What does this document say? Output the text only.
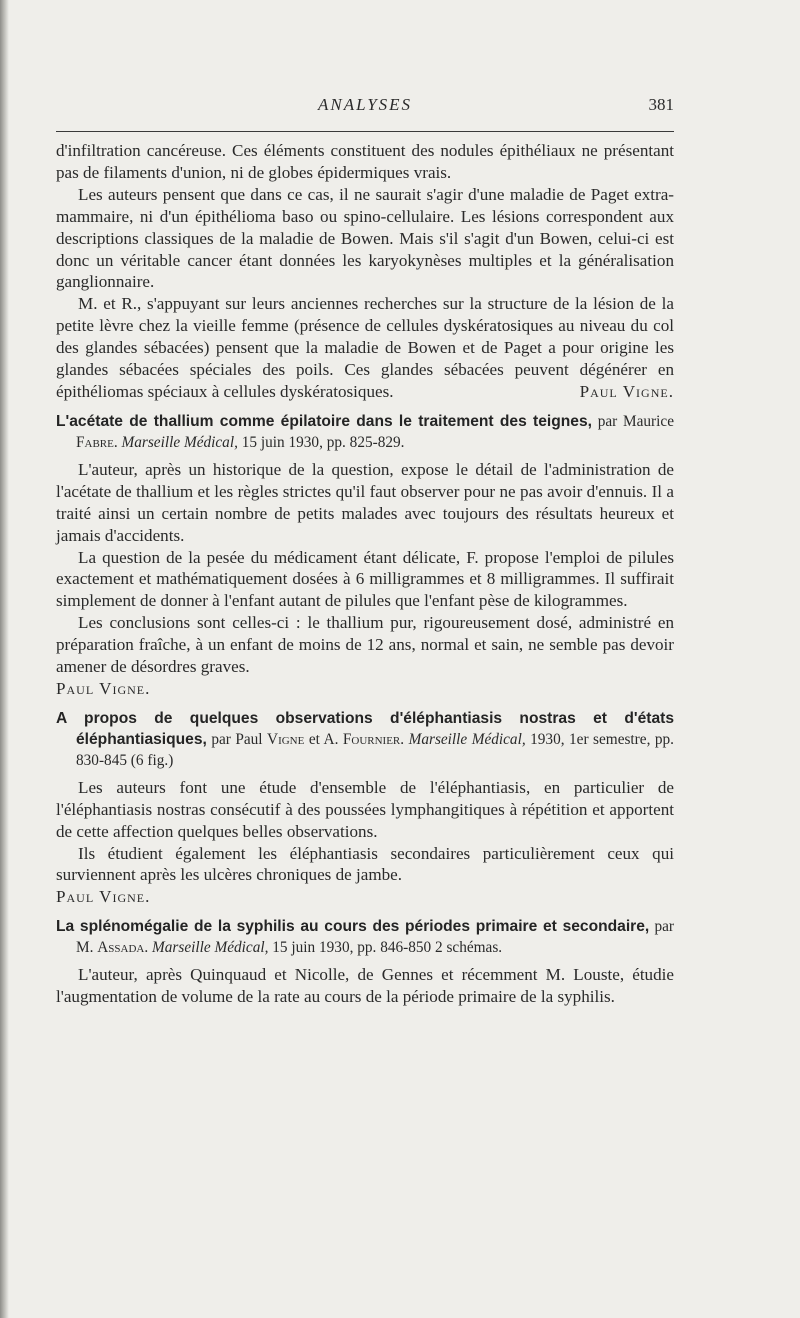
ANALYSES	381

d'infiltration cancéreuse. Ces éléments constituent des nodules épithéliaux ne présentant pas de filaments d'union, ni de globes épidermiques vrais.

Les auteurs pensent que dans ce cas, il ne saurait s'agir d'une maladie de Paget extra-mammaire, ni d'un épithélioma baso ou spino-cellulaire. Les lésions correspondent aux descriptions classiques de la maladie de Bowen. Mais s'il s'agit d'un Bowen, celui-ci est donc un véritable cancer étant données les karyokynèses multiples et la généralisation ganglionnaire.

M. et R., s'appuyant sur leurs anciennes recherches sur la structure de la lésion de la petite lèvre chez la vieille femme (présence de cellules dyskératosiques au niveau du col des glandes sébacées) pensent que la maladie de Bowen et de Paget a pour origine les glandes sébacées spéciales des poils. Ces glandes sébacées peuvent dégénérer en épithéliomas spéciaux à cellules dyskératosiques.	Paul Vigne.

L'acétate de thallium comme épilatoire dans le traitement des teignes, par Maurice Fabre. Marseille Médical, 15 juin 1930, pp. 825-829.

L'auteur, après un historique de la question, expose le détail de l'administration de l'acétate de thallium et les règles strictes qu'il faut observer pour ne pas avoir d'ennuis. Il a traité ainsi un certain nombre de petits malades avec toujours des résultats heureux et jamais d'accidents.

La question de la pesée du médicament étant délicate, F. propose l'emploi de pilules exactement et mathématiquement dosées à 6 milligrammes et 8 milligrammes. Il suffirait simplement de donner à l'enfant autant de pilules que l'enfant pèse de kilogrammes.

Les conclusions sont celles-ci : le thallium pur, rigoureusement dosé, administré en préparation fraîche, à un enfant de moins de 12 ans, normal et sain, ne semble pas devoir amener de désordres graves.

Paul Vigne.

A propos de quelques observations d'éléphantiasis nostras et d'états éléphantiasiques, par Paul Vigne et A. Fournier. Marseille Médical, 1930, 1er semestre, pp. 830-845 (6 fig.)

Les auteurs font une étude d'ensemble de l'éléphantiasis, en particulier de l'éléphantiasis nostras consécutif à des poussées lymphangitiques à répétition et apportent de cette affection quelques belles observations.

Ils étudient également les éléphantiasis secondaires particulièrement ceux qui surviennent après les ulcères chroniques de jambe.

Paul Vigne.

La splénomégalie de la syphilis au cours des périodes primaire et secondaire, par M. Assada. Marseille Médical, 15 juin 1930, pp. 846-850 2 schémas.

L'auteur, après Quinquaud et Nicolle, de Gennes et récemment M. Louste, étudie l'augmentation de volume de la rate au cours de la période primaire de la syphilis.
